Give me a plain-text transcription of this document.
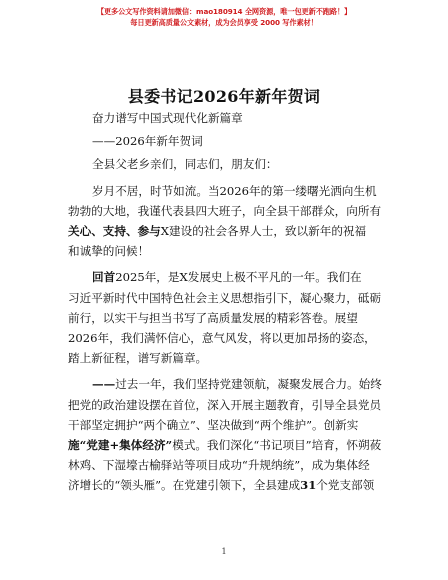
【更多公文写作资料请加微信：mao180914 全网资源，唯一包更新不跑路！】
每日更新高质量公文素材，成为会员享受 2000 写作素材！
县委书记2026年新年贺词

奋力谱写中国式现代化新篇章

——2026年新年贺词

全县父老乡亲们，同志们，朋友们：

岁月不居，时节如流。当2026年的第一缕曙光洒向生机

勃勃的大地，我谨代表县四大班子，向全县干部群众，向所有

关心、支持、参与X建设的社会各界人士，致以新年的祝福

和诚挚的问候！

回首2025年，是X发展史上极不平凡的一年。我们在

习近平新时代中国特色社会主义思想指引下，凝心聚力，砥砺

前行，以实干与担当书写了高质量发展的精彩答卷。展望

2026年，我们满怀信心，意气风发，将以更加昂扬的姿态，

踏上新征程，谱写新篇章。

——过去一年，我们坚持党建领航，凝聚发展合力。始终

把党的政治建设摆在首位，深入开展主题教育，引导全县党员

干部坚定拥护“两个确立”、坚决做到“两个维护”。创新实

施“党建+集体经济”模式。我们深化“书记项目”培育，怀朔莜

林鸡、下湿壕古榆驿站等项目成功“升规纳统”，成为集体经

济增长的“领头雁”。在党建引领下，全县建成31个党支部领

1
